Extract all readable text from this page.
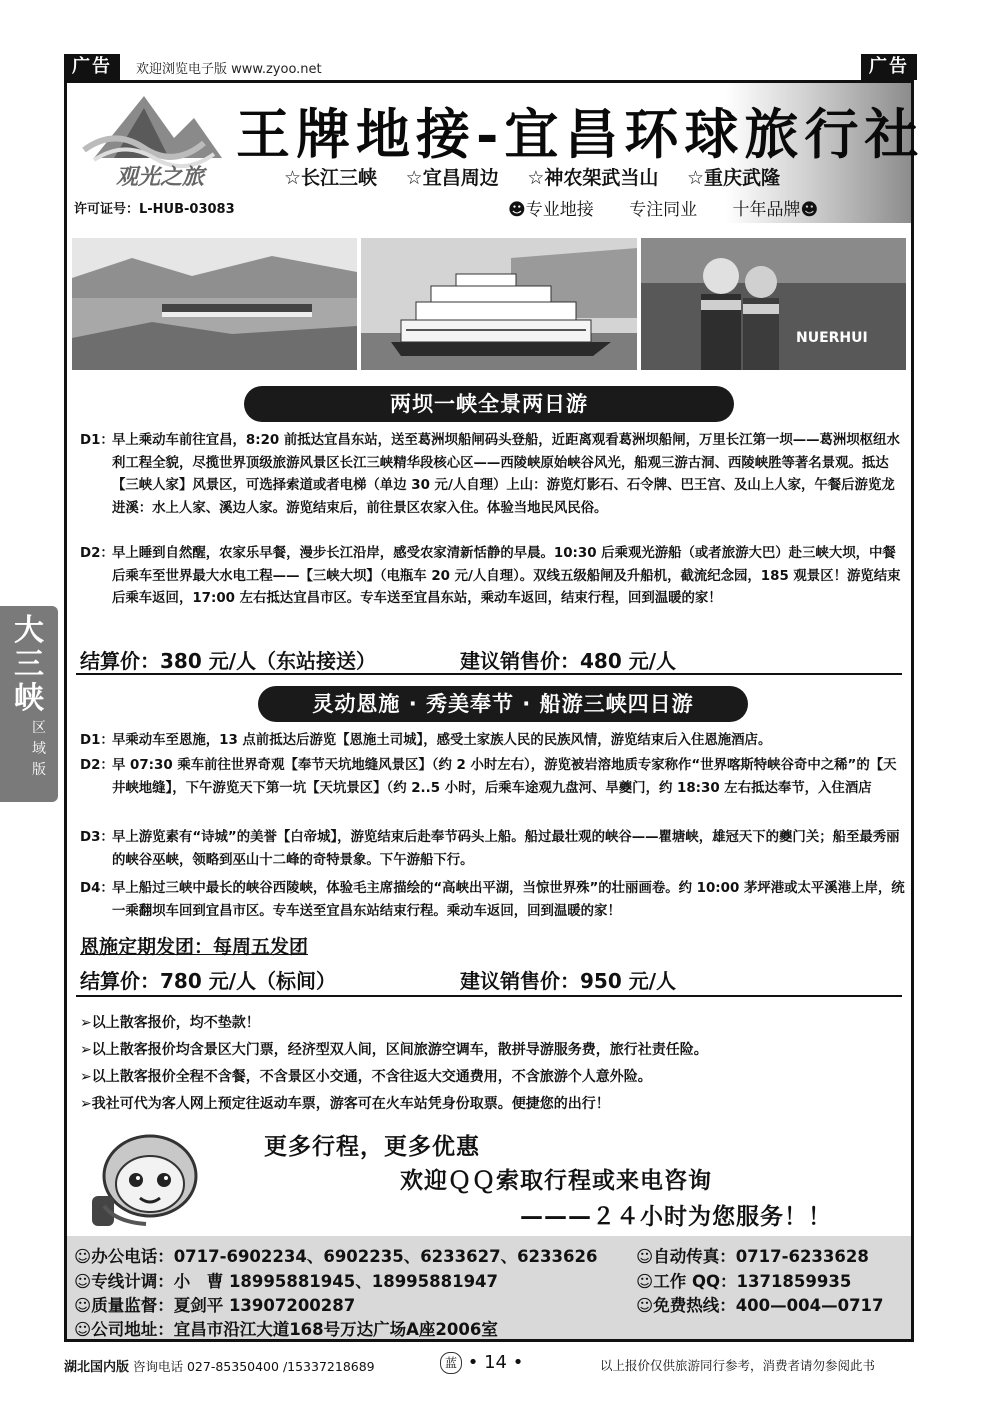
广告	欢迎浏览电子版 www.zyoo.net	广告
观光之旅
许可证号：L-HUB-03083
王牌地接-宜昌环球旅行社
☆长江三峡 ☆宜昌周边 ☆神农架武当山 ☆重庆武隆
☻专业地接 专注同业 十年品牌☻
NUERHUI
两坝一峡全景两日游
D1：
早上乘动车前往宜昌，8:20 前抵达宜昌东站，送至葛洲坝船闸码头登船，近距离观看葛洲坝船闸，万里长江第一坝——葛洲坝枢纽水利工程全貌，尽揽世界顶级旅游风景区长江三峡精华段核心区——西陵峡原始峡谷风光，船观三游古洞、西陵峡胜等著名景观。抵达【三峡人家】风景区，可选择索道或者电梯（单边 30 元/人自理）上山：游览灯影石、石令牌、巴王宫、及山上人家，午餐后游览龙进溪：水上人家、溪边人家。游览结束后，前往景区农家入住。体验当地民风民俗。
D2：
早上睡到自然醒，农家乐早餐，漫步长江沿岸，感受农家清新恬静的早晨。10:30 后乘观光游船（或者旅游大巴）赴三峡大坝，中餐后乘车至世界最大水电工程——【三峡大坝】（电瓶车 20 元/人自理）。双线五级船闸及升船机，截流纪念园，185 观景区！游览结束后乘车返回，17:00 左右抵达宜昌市区。专车送至宜昌东站，乘动车返回，结束行程，回到温暖的家！
结算价：380 元/人（东站接送）	建议销售价：480 元/人
灵动恩施 · 秀美奉节 · 船游三峡四日游
D1：
早乘动车至恩施，13 点前抵达后游览【恩施土司城】，感受土家族人民的民族风情，游览结束后入住恩施酒店。
D2：
早 07:30 乘车前往世界奇观【奉节天坑地缝风景区】（约 2 小时左右），游览被岩溶地质专家称作“世界喀斯特峡谷奇中之稀”的【天井峡地缝】，下午游览天下第一坑【天坑景区】（约 2..5 小时，后乘车途观九盘河、旱夔门，约 18:30 左右抵达奉节，入住酒店
D3：
早上游览素有“诗城”的美誉【白帝城】，游览结束后赴奉节码头上船。船过最壮观的峡谷——瞿塘峡，雄冠天下的夔门关；船至最秀丽的峡谷巫峡，领略到巫山十二峰的奇特景象。下午游船下行。
D4：
早上船过三峡中最长的峡谷西陵峡，体验毛主席描绘的“高峡出平湖，当惊世界殊”的壮丽画卷。约 10:00 茅坪港或太平溪港上岸，统一乘翻坝车回到宜昌市区。专车送至宜昌东站结束行程。乘动车返回，回到温暖的家！
恩施定期发团：每周五发团
结算价：780 元/人（标间）	建议销售价：950 元/人
➢以上散客报价，均不垫款！
➢以上散客报价均含景区大门票，经济型双人间，区间旅游空调车，散拼导游服务费，旅行社责任险。
➢以上散客报价全程不含餐，不含景区小交通，不含往返大交通费用，不含旅游个人意外险。
➢我社可代为客人网上预定往返动车票，游客可在火车站凭身份取票。便捷您的出行！
更多行程，更多优惠
欢迎ＱＱ索取行程或来电咨询
———２４小时为您服务！！
☺办公电话：0717-6902234、6902235、6233627、6233626 ☺自动传真：0717-6233628
☺专线计调：小　曹 18995881945、18995881947	☺工作 QQ：1371859935
☺质量监督：夏剑平 13907200287	☺免费热线：400—004—0717
☺公司地址：宜昌市沿江大道168号万达广场A座2006室
大三峡
区域版
湖北国内版 咨询电话 027-85350400 /15337218689	蓝 • 14 •	以上报价仅供旅游同行参考，消费者请勿参阅此书
